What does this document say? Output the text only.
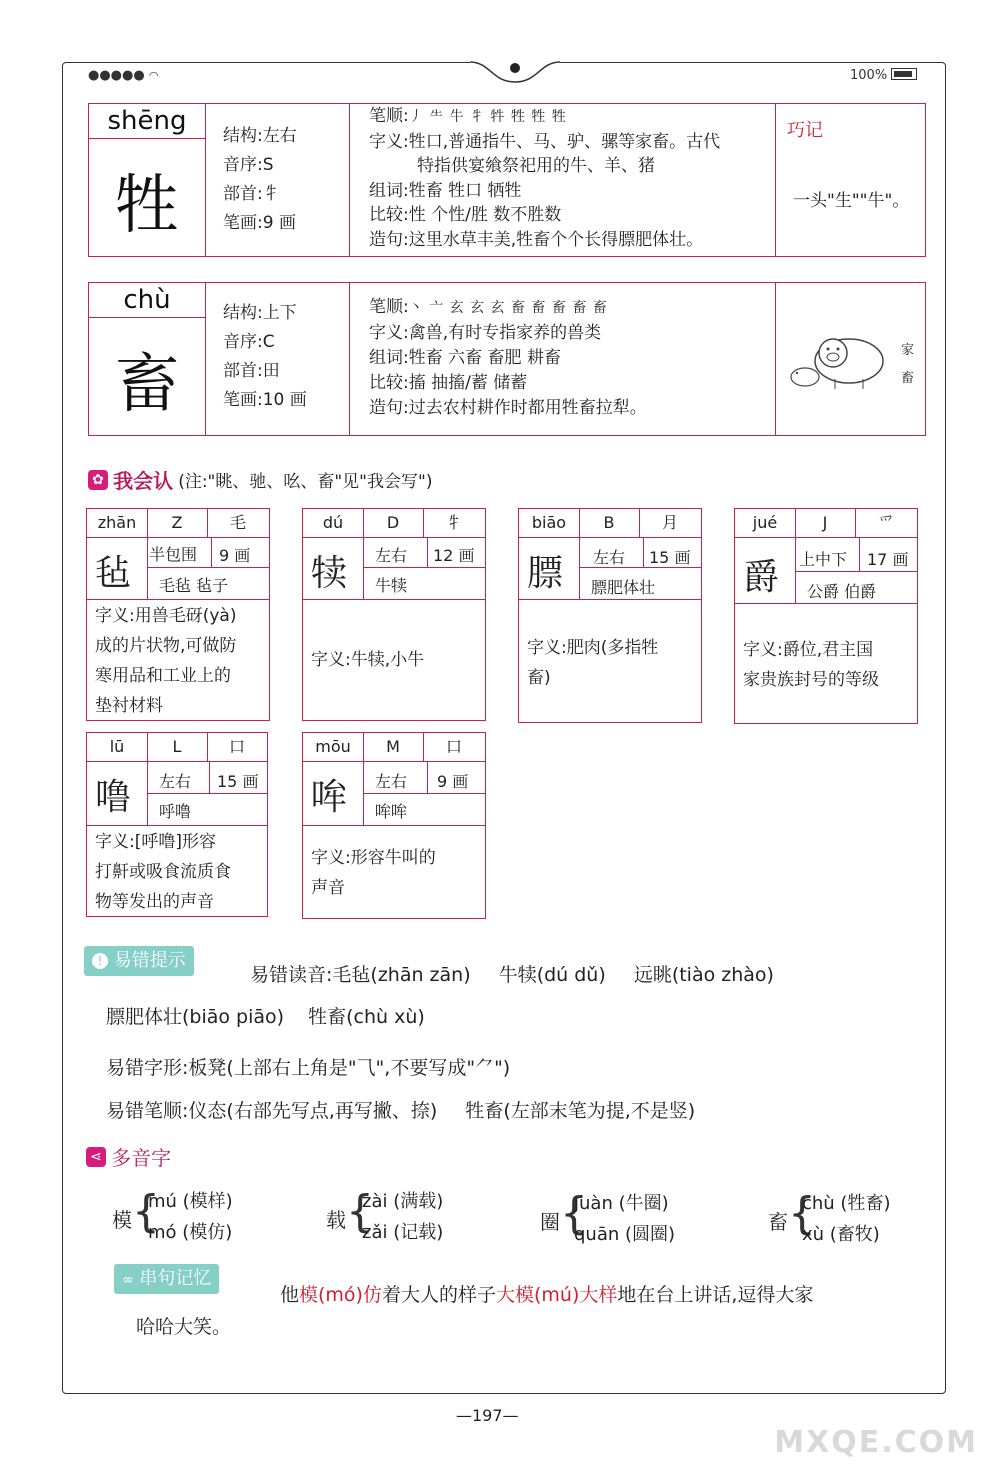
●●●●● ◠	100%
shēng
牲
结构:左右
音序:S
部首:牜
笔画:9 画
笔顺:丿 ⺧ 牛 牜 牪 牲 牲 牲
字义:牲口,普通指牛、马、驴、骡等家畜。古代
特指供宴飨祭祀用的牛、羊、猪
组词:牲畜 牲口 牺牲
比较:性 个性/胜 数不胜数
造句:这里水草丰美,牲畜个个长得膘肥体壮。
巧记
一头"生""牛"。
chù
畜
结构:上下
音序:C
部首:田
笔画:10 画
笔顺:丶 亠 玄 玄 玄 畜 畜 畜 畜 畜
字义:禽兽,有时专指家养的兽类
组词:牲畜 六畜 畜肥 耕畜
比较:搐 抽搐/蓄 储蓄
造句:过去农村耕作时都用牲畜拉犁。
家
畜
✿ 我会认 (注:"眺、驰、吆、畜"见"我会写")
zhān	Z	毛
毡 半包围 9 画
毛毡 毡子
字义:用兽毛砑(yà)
成的片状物,可做防
寒用品和工业上的
垫衬材料
dú	D	牜
犊 左右 12 画
牛犊
字义:牛犊,小牛
biāo	B	月
膘 左右 15 画
膘肥体壮
字义:肥肉(多指牲
畜)
jué	J	爫
爵 上中下 17 画
公爵 伯爵
字义:爵位,君主国
家贵族封号的等级
lū	L	口
噜 左右 15 画
呼噜
字义:[呼噜]形容
打鼾或吸食流质食
物等发出的声音
mōu	M	口
哞 左右 9 画
哞哞
字义:形容牛叫的
声音
! 易错提示
易错读音:毛毡(zhān zān) 牛犊(dú dǔ) 远眺(tiào zhào)
膘肥体壮(biāo piāo) 牲畜(chù xù)
易错字形:板凳(上部右上角是"⺄",不要写成"⺈")
易错笔顺:仪态(右部先写点,再写撇、捺) 牲畜(左部末笔为提,不是竖)
⋖ 多音字
模 {
mú (模样)
mó (模仿)
载 {
zài (满载)
zǎi (记载)	圈 {
juàn (牛圈)
quān (圆圈)
畜 {
chù (牲畜)
xù (畜牧)
∞ 串句记忆
他模(mó)仿着大人的样子大模(mú)大样地在台上讲话,逗得大家
哈哈大笑。
—197—
MXQE.COM
